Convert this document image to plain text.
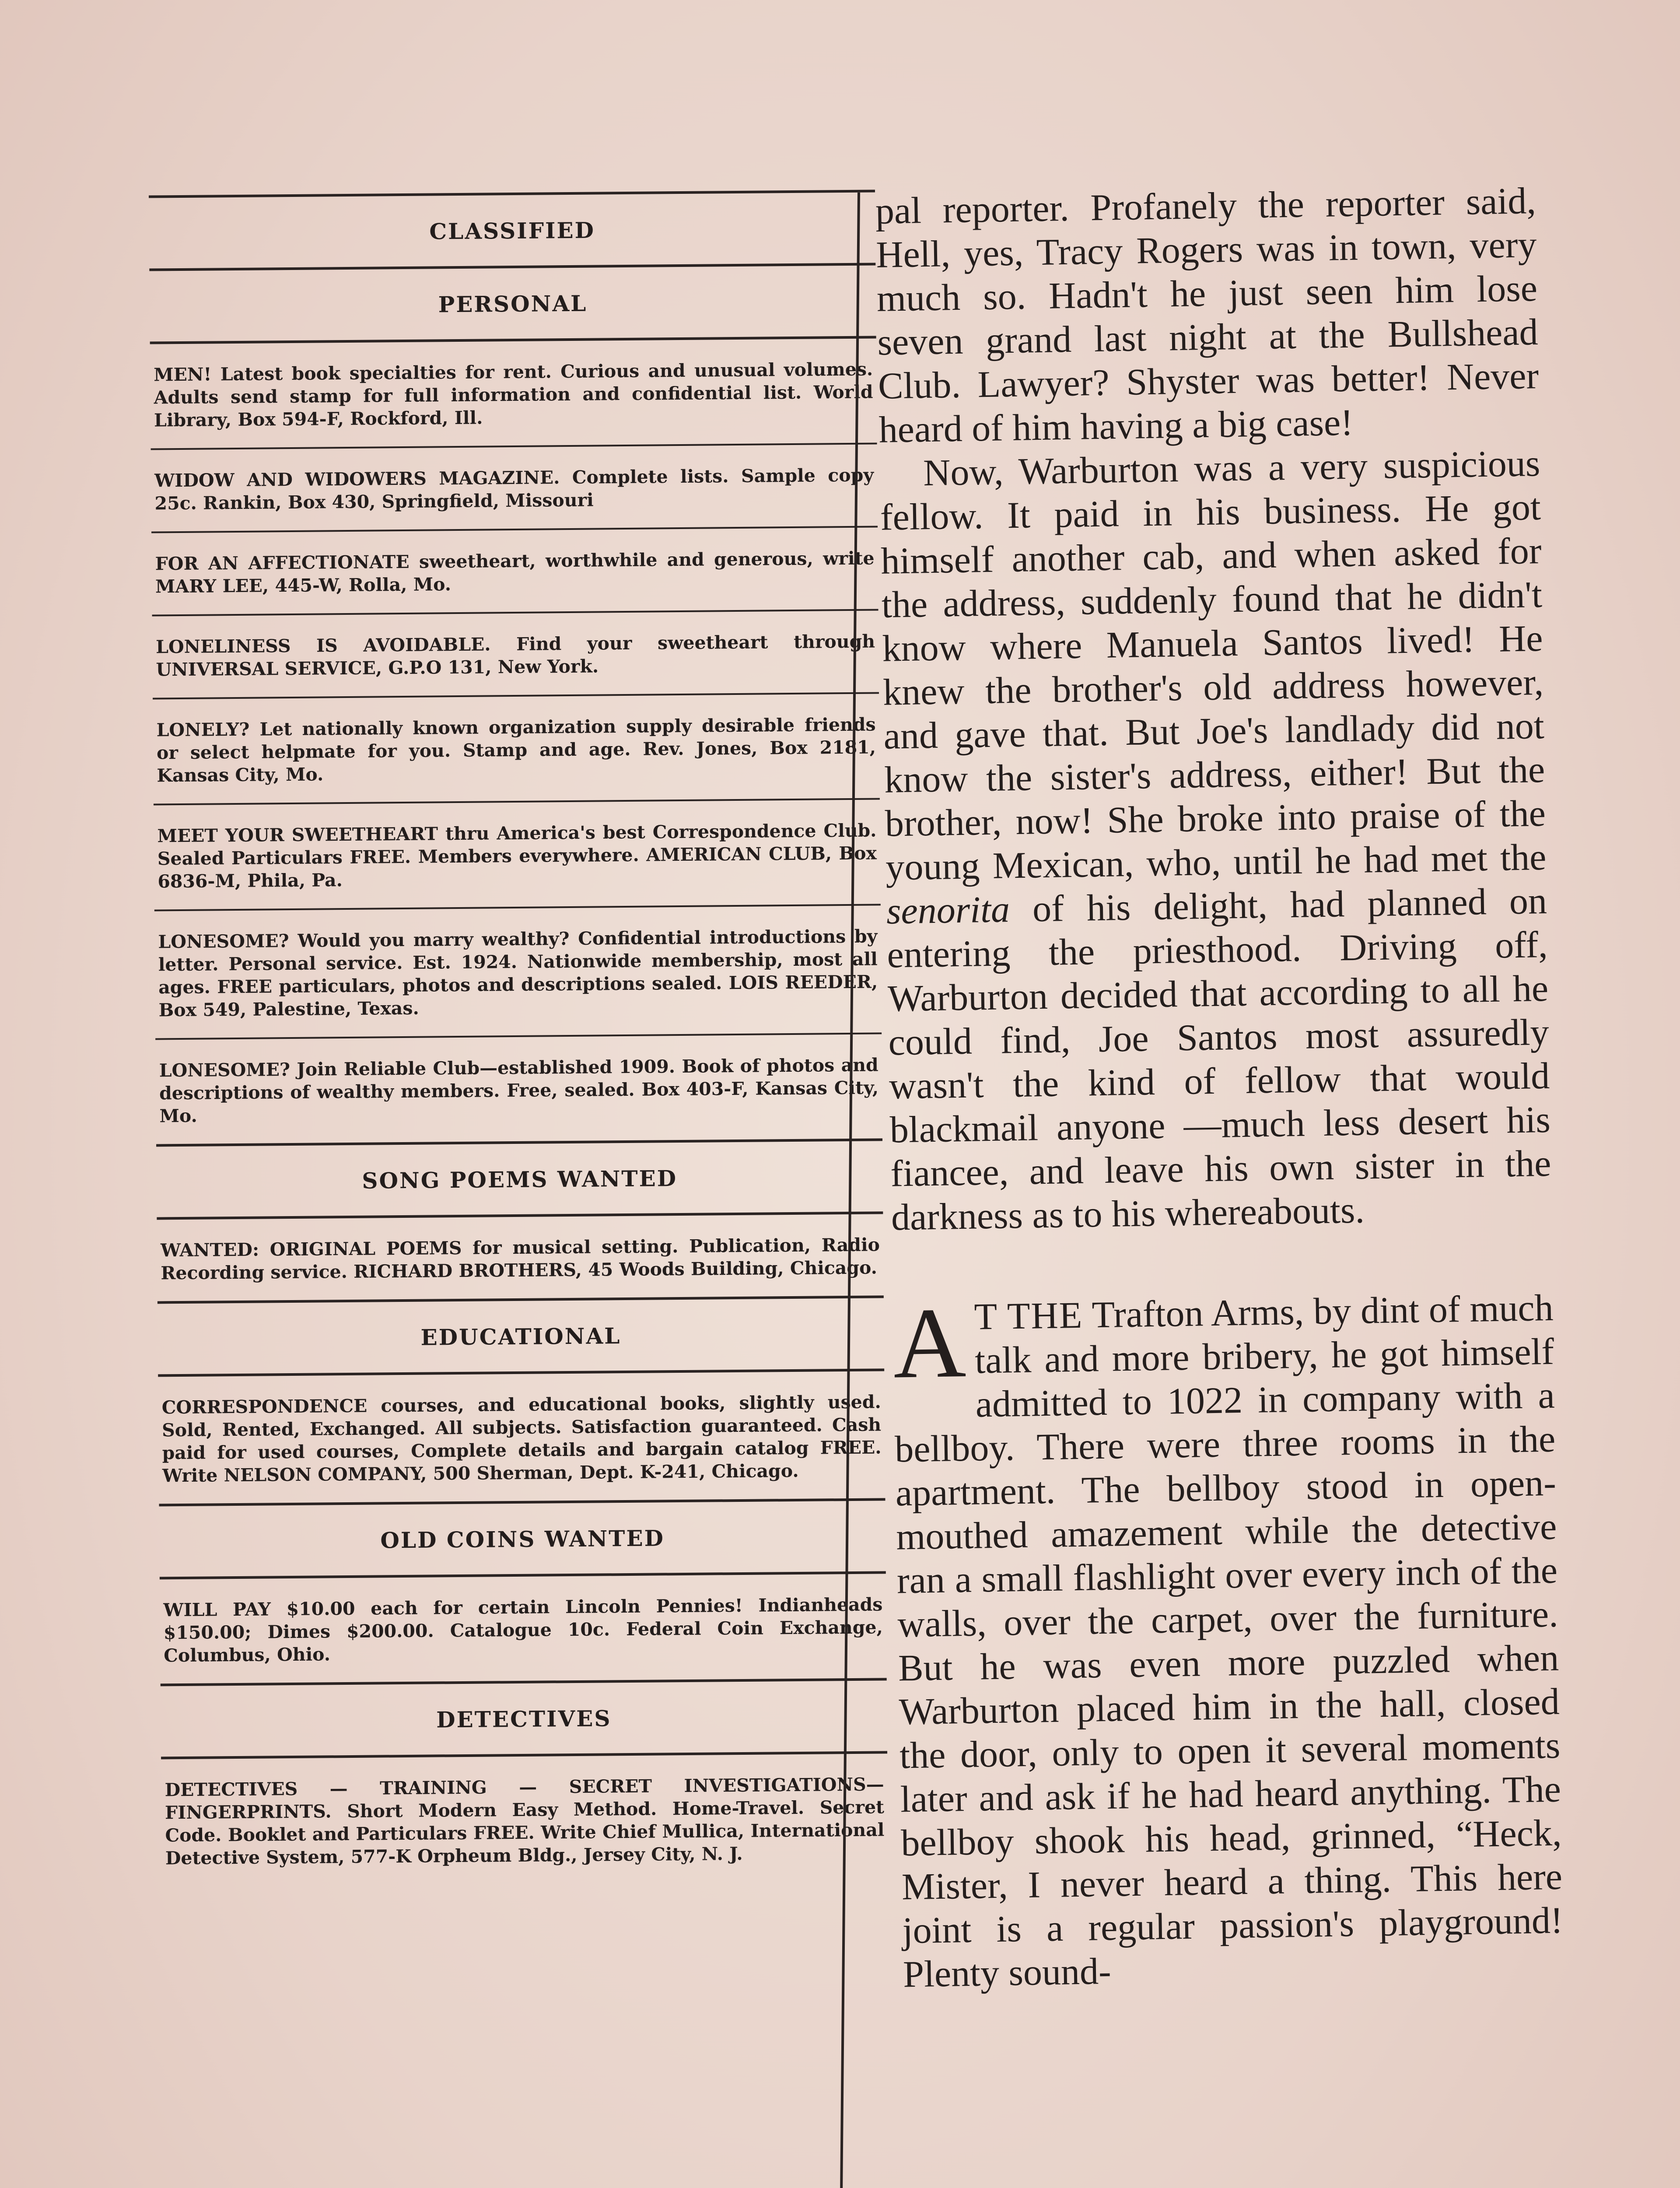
CLASSIFIED
PERSONAL

MEN! Latest book specialties for rent. Curious and unusual volumes. Adults send stamp for full information and confidential list. World Library, Box 594-F, Rockford, Ill.

WIDOW AND WIDOWERS MAGAZINE. Complete lists. Sample copy 25c. Rankin, Box 430, Springfield, Missouri

FOR AN AFFECTIONATE sweetheart, worthwhile and generous, write MARY LEE, 445-W, Rolla, Mo.

LONELINESS IS AVOIDABLE. Find your sweetheart through UNIVERSAL SERVICE, G.P.O 131, New York.

LONELY? Let nationally known organization supply desirable friends or select helpmate for you. Stamp and age. Rev. Jones, Box 2181, Kansas City, Mo.

MEET YOUR SWEETHEART thru America's best Correspondence Club. Sealed Particulars FREE. Members everywhere. AMERICAN CLUB, Box 6836-M, Phila, Pa.

LONESOME? Would you marry wealthy? Confidential introductions by letter. Personal service. Est. 1924. Nationwide membership, most all ages. FREE particulars, photos and descriptions sealed. LOIS REEDER, Box 549, Palestine, Texas.

LONESOME? Join Reliable Club—established 1909. Book of photos and descriptions of wealthy members. Free, sealed. Box 403-F, Kansas City, Mo.

SONG POEMS WANTED

WANTED: ORIGINAL POEMS for musical setting. Publication, Radio Recording service. RICHARD BROTHERS, 45 Woods Building, Chicago.

EDUCATIONAL

CORRESPONDENCE courses, and educational books, slightly used. Sold, Rented, Exchanged. All subjects. Satisfaction guaranteed. Cash paid for used courses, Complete details and bargain catalog FREE. Write NELSON COMPANY, 500 Sherman, Dept. K-241, Chicago.

OLD COINS WANTED

WILL PAY $10.00 each for certain Lincoln Pennies! Indianheads $150.00; Dimes $200.00. Catalogue 10c. Federal Coin Exchange, Columbus, Ohio.

DETECTIVES

DETECTIVES — TRAINING — SECRET INVESTIGATIONS—FINGERPRINTS. Short Modern Easy Method. Home-Travel. Secret Code. Booklet and Particulars FREE. Write Chief Mullica, International Detective System, 577-K Orpheum Bldg., Jersey City, N. J.

pal reporter. Profanely the reporter said, Hell, yes, Tracy Rogers was in town, very much so. Hadn't he just seen him lose seven grand last night at the Bullshead Club. Lawyer? Shyster was better! Never heard of him having a big case!

Now, Warburton was a very suspicious fellow. It paid in his business. He got himself another cab, and when asked for the address, suddenly found that he didn't know where Manuela Santos lived! He knew the brother's old address however, and gave that. But Joe's landlady did not know the sister's address, either! But the brother, now! She broke into praise of the young Mexican, who, until he had met the senorita of his delight, had planned on entering the priesthood. Driving off, Warburton decided that according to all he could find, Joe Santos most assuredly wasn't the kind of fellow that would blackmail anyone —much less desert his fiancee, and leave his own sister in the darkness as to his whereabouts.

A T THE Trafton Arms, by dint of much talk and more bribery, he got himself admitted to 1022 in company with a bellboy. There were three rooms in the apartment. The bellboy stood in open-mouthed amazement while the detective ran a small flashlight over every inch of the walls, over the carpet, over the furniture. But he was even more puzzled when Warburton placed him in the hall, closed the door, only to open it several moments later and ask if he had heard anything. The bellboy shook his head, grinned, “Heck, Mister, I never heard a thing. This here joint is a regular passion's playground! Plenty sound-
